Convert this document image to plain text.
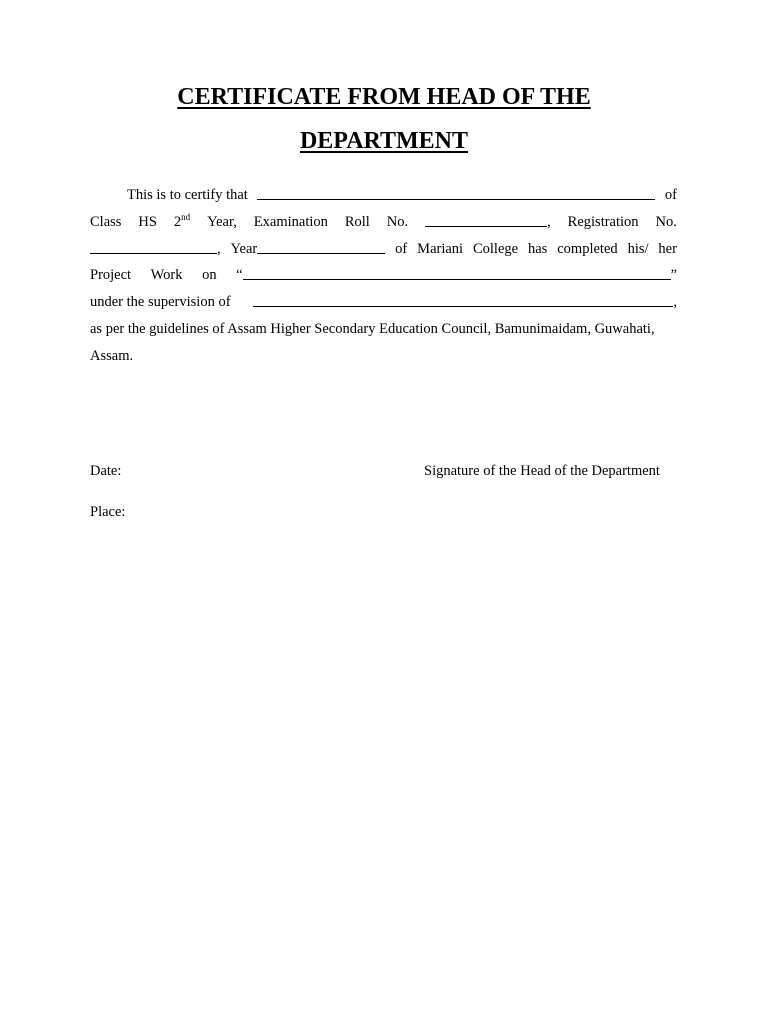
CERTIFICATE FROM HEAD OF THE
DEPARTMENT
This is to certify that	of
Class HS 2nd Year, Examination Roll No.	, Registration No.
, Year	of Mariani College has completed his/ her
Project Work on “	”
under the supervision of	,
as per the guidelines of Assam Higher Secondary Education Council, Bamunimaidam, Guwahati,
Assam.
Date:	Signature of the Head of the Department
Place:
